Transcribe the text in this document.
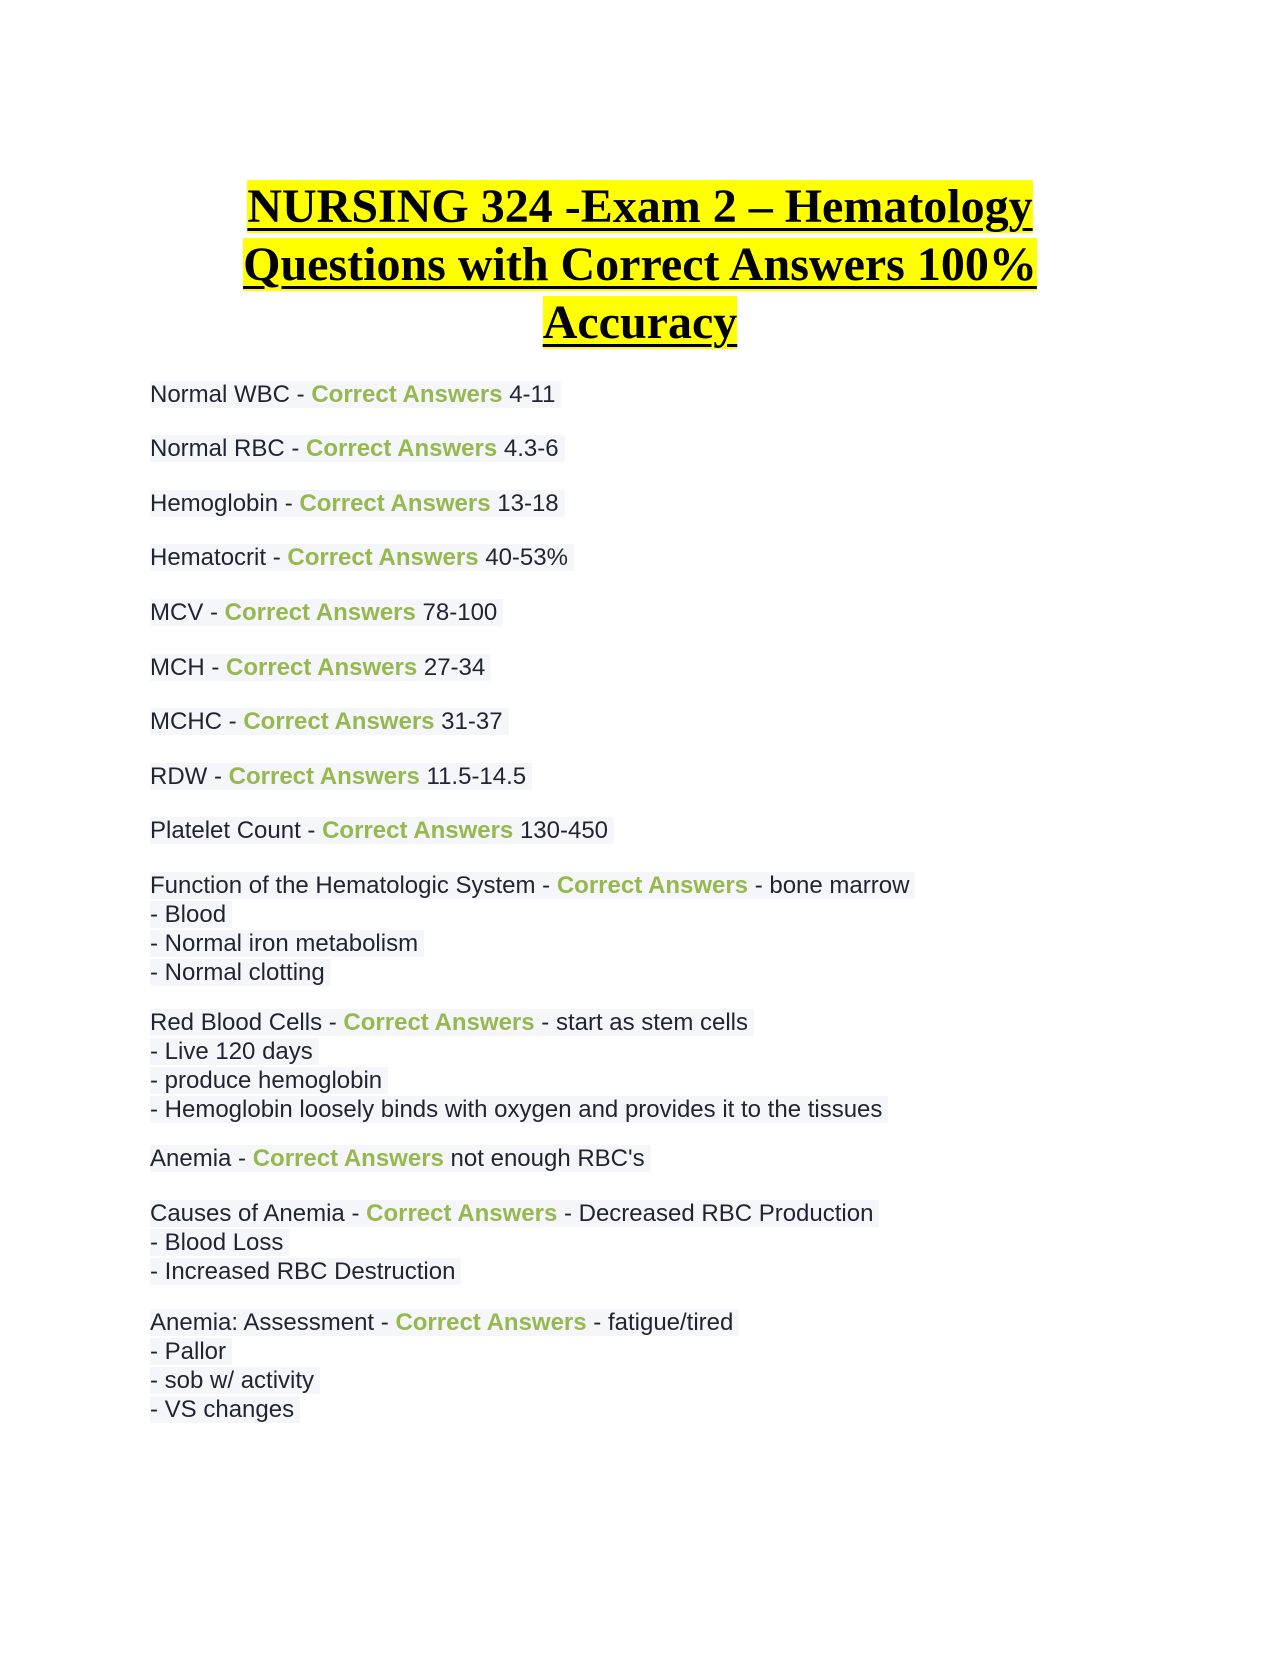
NURSING 324 -Exam 2 – Hematology
Questions with Correct Answers 100%
Accuracy
Normal WBC - Correct Answers 4-11
Normal RBC - Correct Answers 4.3-6
Hemoglobin - Correct Answers 13-18
Hematocrit - Correct Answers 40-53%
MCV - Correct Answers 78-100
MCH - Correct Answers 27-34
MCHC - Correct Answers 31-37
RDW - Correct Answers 11.5-14.5
Platelet Count - Correct Answers 130-450
Function of the Hematologic System - Correct Answers - bone marrow
- Blood
- Normal iron metabolism
- Normal clotting
Red Blood Cells - Correct Answers - start as stem cells
- Live 120 days
- produce hemoglobin
- Hemoglobin loosely binds with oxygen and provides it to the tissues
Anemia - Correct Answers not enough RBC's
Causes of Anemia - Correct Answers - Decreased RBC Production
- Blood Loss
- Increased RBC Destruction
Anemia: Assessment - Correct Answers - fatigue/tired
- Pallor
- sob w/ activity
- VS changes
